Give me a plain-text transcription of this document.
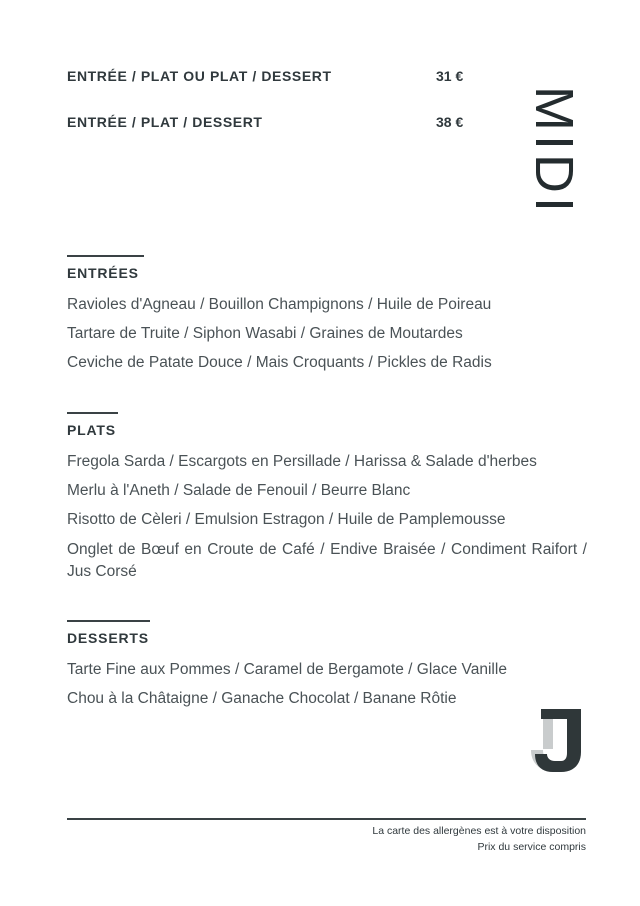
ENTRÉE / PLAT OU PLAT / DESSERT	31 €
ENTRÉE / PLAT / DESSERT	38 € MIDI
ENTRÉES
Ravioles d'Agneau / Bouillon Champignons / Huile de Poireau
Tartare de Truite / Siphon Wasabi / Graines de Moutardes
Ceviche de Patate Douce / Mais Croquants / Pickles de Radis
PLATS
Fregola Sarda / Escargots en Persillade / Harissa & Salade d'herbes
Merlu à l'Aneth / Salade de Fenouil / Beurre Blanc
Risotto de Cèleri / Emulsion Estragon / Huile de Pamplemousse
Onglet de Bœuf en Croute de Café / Endive Braisée / Condiment Raifort / Jus Corsé
DESSERTS
Tarte Fine aux Pommes / Caramel de Bergamote / Glace Vanille
Chou à la Châtaigne / Ganache Chocolat / Banane Rôtie
La carte des allergènes est à votre disposition
Prix du service compris
